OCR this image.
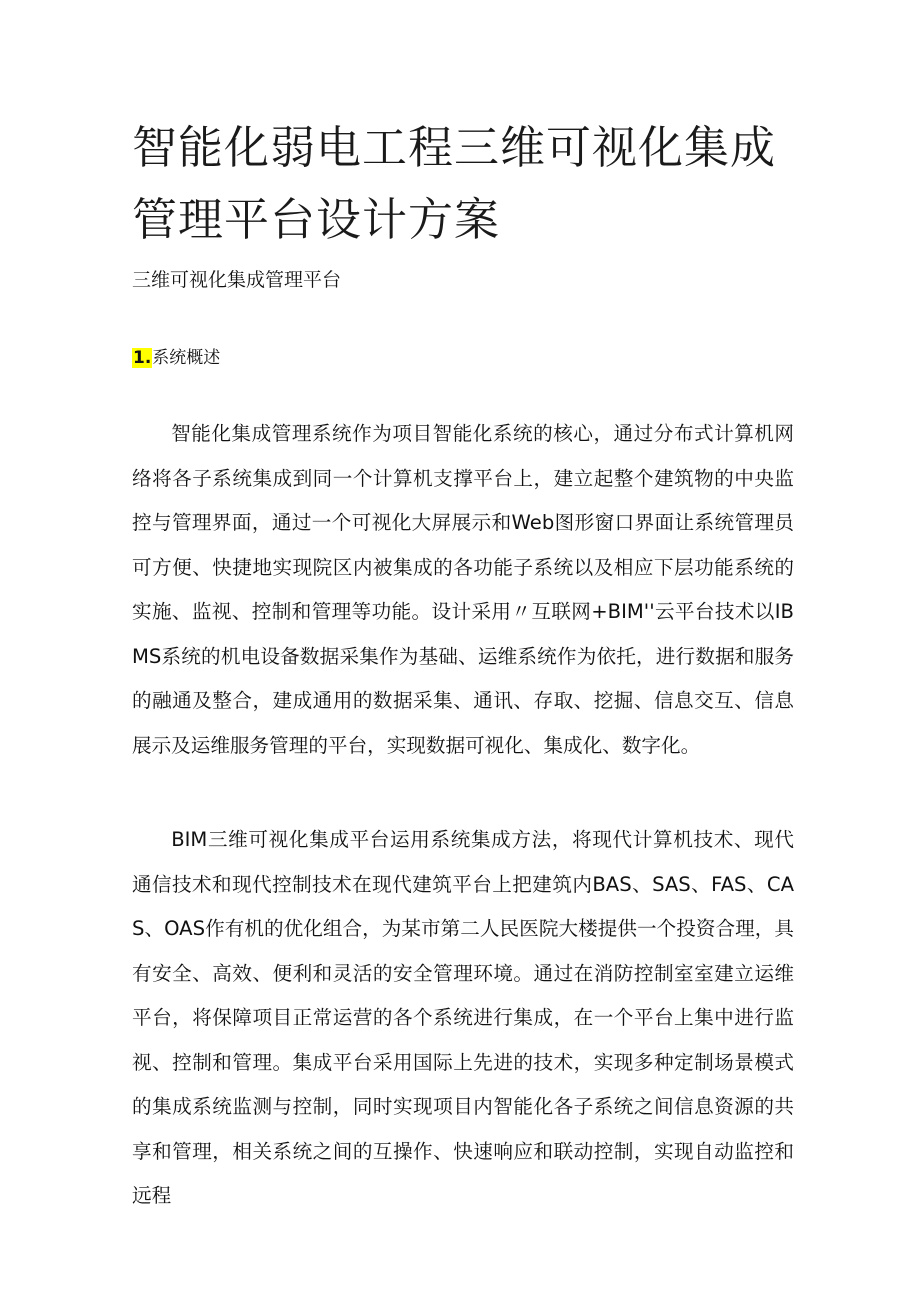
智能化弱电工程三维可视化集成管理平台设计方案

三维可视化集成管理平台

1.系统概述

智能化集成管理系统作为项目智能化系统的核心，通过分布式计算机网络将各子系统集成到同一个计算机支撑平台上，建立起整个建筑物的中央监控与管理界面，通过一个可视化大屏展示和Web图形窗口界面让系统管理员可方便、快捷地实现院区内被集成的各功能子系统以及相应下层功能系统的实施、监视、控制和管理等功能。设计采用〃互联网+BIM''云平台技术以IBMS系统的机电设备数据采集作为基础、运维系统作为依托，进行数据和服务的融通及整合，建成通用的数据采集、通讯、存取、挖掘、信息交互、信息展示及运维服务管理的平台，实现数据可视化、集成化、数字化。

BIM三维可视化集成平台运用系统集成方法，将现代计算机技术、现代通信技术和现代控制技术在现代建筑平台上把建筑内BAS、SAS、FAS、CAS、OAS作有机的优化组合，为某市第二人民医院大楼提供一个投资合理，具有安全、高效、便利和灵活的安全管理环境。通过在消防控制室室建立运维平台，将保障项目正常运营的各个系统进行集成，在一个平台上集中进行监视、控制和管理。集成平台采用国际上先进的技术，实现多种定制场景模式的集成系统监测与控制，同时实现项目内智能化各子系统之间信息资源的共享和管理，相关系统之间的互操作、快速响应和联动控制，实现自动监控和远程
